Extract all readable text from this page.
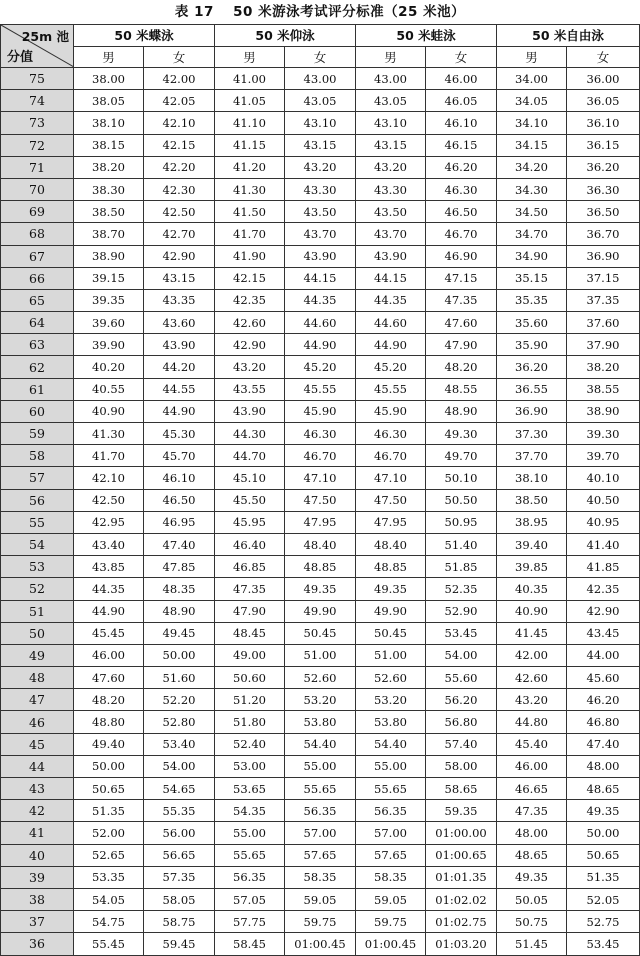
表 17　 50 米游泳考试评分标准（25 米池）
25m 池
分值	50 米蝶泳		50 米仰泳		50 米蛙泳		50 米自由泳	
	男	女	男	女	男	女	男	女
75	38.00	42.00	41.00	43.00	43.00	46.00	34.00	36.00
74	38.05	42.05	41.05	43.05	43.05	46.05	34.05	36.05
73	38.10	42.10	41.10	43.10	43.10	46.10	34.10	36.10
72	38.15	42.15	41.15	43.15	43.15	46.15	34.15	36.15
71	38.20	42.20	41.20	43.20	43.20	46.20	34.20	36.20
70	38.30	42.30	41.30	43.30	43.30	46.30	34.30	36.30
69	38.50	42.50	41.50	43.50	43.50	46.50	34.50	36.50
68	38.70	42.70	41.70	43.70	43.70	46.70	34.70	36.70
67	38.90	42.90	41.90	43.90	43.90	46.90	34.90	36.90
66	39.15	43.15	42.15	44.15	44.15	47.15	35.15	37.15
65	39.35	43.35	42.35	44.35	44.35	47.35	35.35	37.35
64	39.60	43.60	42.60	44.60	44.60	47.60	35.60	37.60
63	39.90	43.90	42.90	44.90	44.90	47.90	35.90	37.90
62	40.20	44.20	43.20	45.20	45.20	48.20	36.20	38.20
61	40.55	44.55	43.55	45.55	45.55	48.55	36.55	38.55
60	40.90	44.90	43.90	45.90	45.90	48.90	36.90	38.90
59	41.30	45.30	44.30	46.30	46.30	49.30	37.30	39.30
58	41.70	45.70	44.70	46.70	46.70	49.70	37.70	39.70
57	42.10	46.10	45.10	47.10	47.10	50.10	38.10	40.10
56	42.50	46.50	45.50	47.50	47.50	50.50	38.50	40.50
55	42.95	46.95	45.95	47.95	47.95	50.95	38.95	40.95
54	43.40	47.40	46.40	48.40	48.40	51.40	39.40	41.40
53	43.85	47.85	46.85	48.85	48.85	51.85	39.85	41.85
52	44.35	48.35	47.35	49.35	49.35	52.35	40.35	42.35
51	44.90	48.90	47.90	49.90	49.90	52.90	40.90	42.90
50	45.45	49.45	48.45	50.45	50.45	53.45	41.45	43.45
49	46.00	50.00	49.00	51.00	51.00	54.00	42.00	44.00
48	47.60	51.60	50.60	52.60	52.60	55.60	42.60	45.60
47	48.20	52.20	51.20	53.20	53.20	56.20	43.20	46.20
46	48.80	52.80	51.80	53.80	53.80	56.80	44.80	46.80
45	49.40	53.40	52.40	54.40	54.40	57.40	45.40	47.40
44	50.00	54.00	53.00	55.00	55.00	58.00	46.00	48.00
43	50.65	54.65	53.65	55.65	55.65	58.65	46.65	48.65
42	51.35	55.35	54.35	56.35	56.35	59.35	47.35	49.35
41	52.00	56.00	55.00	57.00	57.00	01:00.00	48.00	50.00
40	52.65	56.65	55.65	57.65	57.65	01:00.65	48.65	50.65
39	53.35	57.35	56.35	58.35	58.35	01:01.35	49.35	51.35
38	54.05	58.05	57.05	59.05	59.05	01:02.02	50.05	52.05
37	54.75	58.75	57.75	59.75	59.75	01:02.75	50.75	52.75
36	55.45	59.45	58.45	01:00.45	01:00.45	01:03.20	51.45	53.45
